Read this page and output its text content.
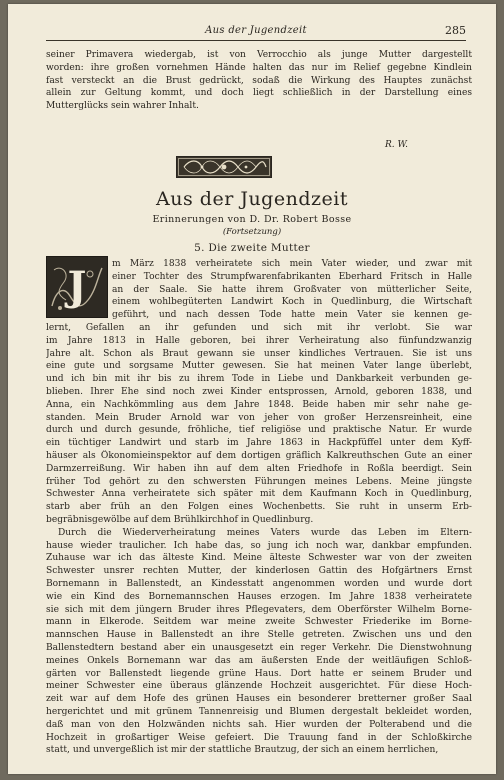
Aus der Jugendzeit	285
seiner Primavera wiedergab, ist von Verrocchio als junge Mutter dargestellt
worden: ihre großen vornehmen Hände halten das nur im Relief gegebne Kindlein
fast versteckt an die Brust gedrückt, sodaß die Wirkung des Hauptes zunächst
allein zur Geltung kommt, und doch liegt schließlich in der Darstellung eines
Mutterglücks sein wahrer Inhalt.
R. W.
Aus der Jugendzeit
Erinnerungen von D. Dr. Robert Bosse
(Fortsetzung)
5. Die zweite Mutter
J	m März 1838 verheiratete sich mein Vater wieder, und zwar mit
einer Tochter des Strumpfwarenfabrikanten Eberhard Fritsch in Halle
an der Saale. Sie hatte ihrem Großvater von mütterlicher Seite,
einem wohlbegüterten Landwirt Koch in Quedlinburg, die Wirtschaft
geführt, und nach dessen Tode hatte mein Vater sie kennen ge-
lernt, Gefallen an ihr gefunden und sich mit ihr verlobt. Sie war
im Jahre 1813 in Halle geboren, bei ihrer Verheiratung also fünfundzwanzig
Jahre alt. Schon als Braut gewann sie unser kindliches Vertrauen. Sie ist uns
eine gute und sorgsame Mutter gewesen. Sie hat meinen Vater lange überlebt,
und ich bin mit ihr bis zu ihrem Tode in Liebe und Dankbarkeit verbunden ge-
blieben. Ihrer Ehe sind noch zwei Kinder entsprossen, Arnold, geboren 1838, und
Anna, ein Nachkömmling aus dem Jahre 1848. Beide haben mir sehr nahe ge-
standen. Mein Bruder Arnold war von jeher von großer Herzensreinheit, eine
durch und durch gesunde, fröhliche, tief religiöse und praktische Natur. Er wurde
ein tüchtiger Landwirt und starb im Jahre 1863 in Hackpfüffel unter dem Kyff-
häuser als Ökonomieinspektor auf dem dortigen gräflich Kalkreuthschen Gute an einer
Darmzerreißung. Wir haben ihn auf dem alten Friedhofe in Roßla beerdigt. Sein
früher Tod gehört zu den schwersten Führungen meines Lebens. Meine jüngste
Schwester Anna verheiratete sich später mit dem Kaufmann Koch in Quedlinburg,
starb aber früh an den Folgen eines Wochenbetts. Sie ruht in unserm Erb-
begräbnisgewölbe auf dem Brühlkirchhof in Quedlinburg.
Durch die Wiederverheiratung meines Vaters wurde das Leben im Eltern-
hause wieder traulicher. Ich habe das, so jung ich noch war, dankbar empfunden.
Zuhause war ich das älteste Kind. Meine älteste Schwester war von der zweiten
Schwester unsrer rechten Mutter, der kinderlosen Gattin des Hofgärtners Ernst
Bornemann in Ballenstedt, an Kindesstatt angenommen worden und wurde dort
wie ein Kind des Bornemannschen Hauses erzogen. Im Jahre 1838 verheiratete
sie sich mit dem jüngern Bruder ihres Pflegevaters, dem Oberförster Wilhelm Borne-
mann in Elkerode. Seitdem war meine zweite Schwester Friederike im Borne-
mannschen Hause in Ballenstedt an ihre Stelle getreten. Zwischen uns und den
Ballenstedtern bestand aber ein unausgesetzt ein reger Verkehr. Die Dienstwohnung
meines Onkels Bornemann war das am äußersten Ende der weitläufigen Schloß-
gärten vor Ballenstedt liegende grüne Haus. Dort hatte er seinem Bruder und
meiner Schwester eine überaus glänzende Hochzeit ausgerichtet. Für diese Hoch-
zeit war auf dem Hofe des grünen Hauses ein besonderer bretterner großer Saal
hergerichtet und mit grünem Tannenreisig und Blumen dergestalt bekleidet worden,
daß man von den Holzwänden nichts sah. Hier wurden der Polterabend und die
Hochzeit in großartiger Weise gefeiert. Die Trauung fand in der Schloßkirche
statt, und unvergeßlich ist mir der stattliche Brautzug, der sich an einem herrlichen,
